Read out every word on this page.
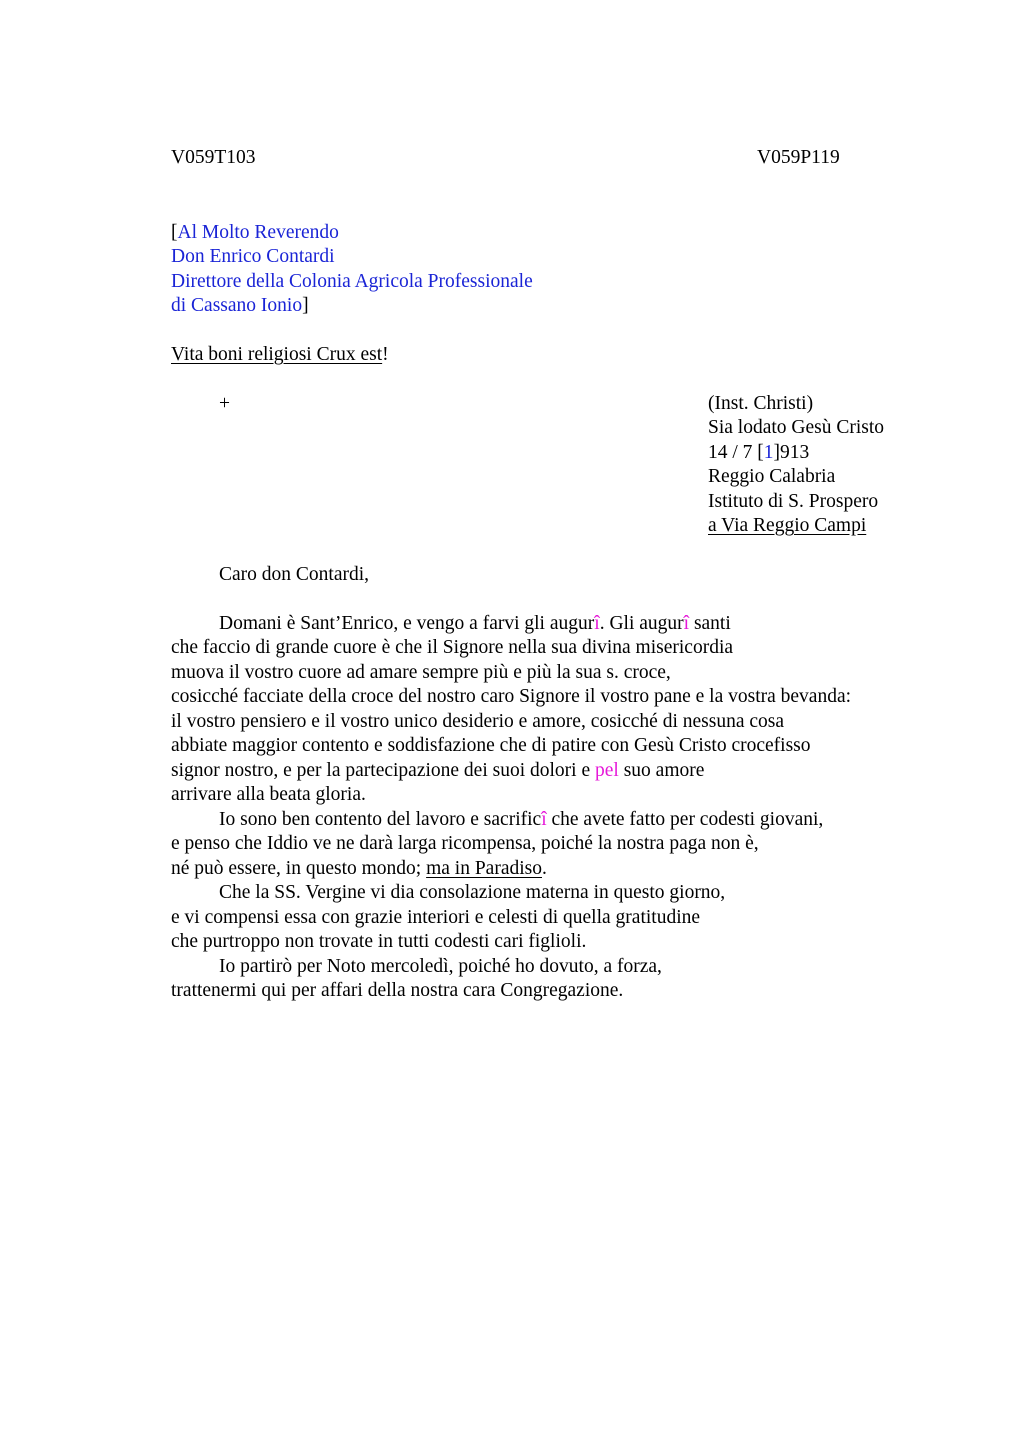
V059T103	V059P119
[Al Molto Reverendo
Don Enrico Contardi
Direttore della Colonia Agricola Professionale
di Cassano Ionio]
Vita boni religiosi Crux est!
+	(Inst. Christi)
Sia lodato Gesù Cristo
14 / 7 [1]913
Reggio Calabria
Istituto di S. Prospero
a Via Reggio Campi
Caro don Contardi,
Domani è Sant’Enrico, e vengo a farvi gli augurî. Gli augurî santi
che faccio di grande cuore è che il Signore nella sua divina misericordia
muova il vostro cuore ad amare sempre più e più la sua s. croce,
cosicché facciate della croce del nostro caro Signore il vostro pane e la vostra bevanda:
il vostro pensiero e il vostro unico desiderio e amore, cosicché di nessuna cosa
abbiate maggior contento e soddisfazione che di patire con Gesù Cristo crocefisso
signor nostro, e per la partecipazione dei suoi dolori e pel suo amore
arrivare alla beata gloria.
Io sono ben contento del lavoro e sacrificî che avete fatto per codesti giovani,
e penso che Iddio ve ne darà larga ricompensa, poiché la nostra paga non è,
né può essere, in questo mondo; ma in Paradiso.
Che la SS. Vergine vi dia consolazione materna in questo giorno,
e vi compensi essa con grazie interiori e celesti di quella gratitudine
che purtroppo non trovate in tutti codesti cari figlioli.
Io partirò per Noto mercoledì, poiché ho dovuto, a forza,
trattenermi qui per affari della nostra cara Congregazione.
